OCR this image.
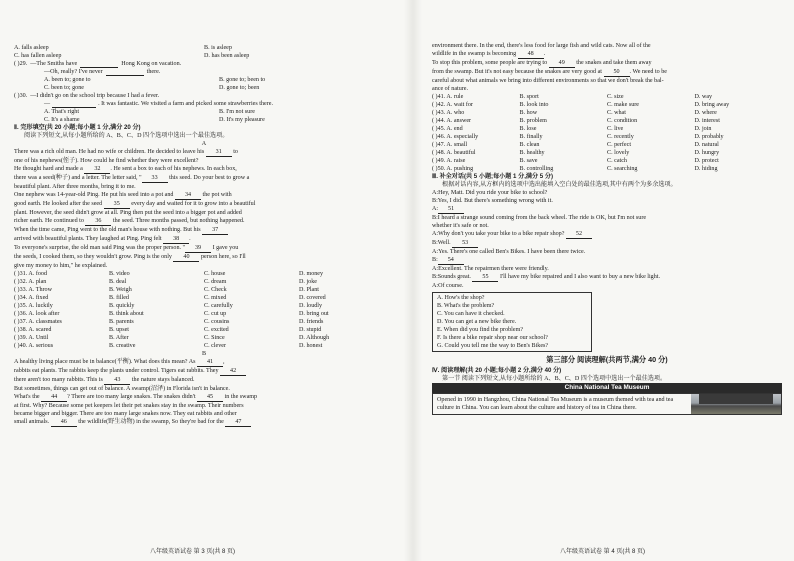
A. falls asleep	B. is asleep
C. has fallen asleep	D. has been asleep
( )29. —The Smiths have	Hong Kong on vacation.
—Oh, really? I've never	there.
A. been to; gone to	B. gone to; been to
C. been to; gone	D. gone to; been
( )30. —I didn't go on the school trip because I had a fever.
—	. It was fantastic. We visited a farm and picked some strawberries there.
A. That's right	B. I'm not sure
C. It's a shame	D. It's my pleasure
Ⅱ. 完形填空(共 20 小题;每小题 1 分,满分 20 分)
阅读下列短文,从每小题所给的 A、B、C、D 四个选项中选出一个最佳选项。
A
There was a rich old man. He had no wife or children. He decided to leave his 31 to
one of his nephews(侄子). How could he find whether they were excellent?
He thought hard and made a 32 . He sent a box to each of his nephews. In each box,
there was a seed(种子) and a letter. The letter said, " 33 this seed. Do your best to grow a
beautiful plant. After three months, bring it to me.
One nephew was 14-year-old Ping. He put his seed into a pot and 34 the pot with
good earth. He looked after the seed 35 every day and waited for it to grow into a beautiful
plant. However, the seed didn't grow at all. Ping then put the seed into a bigger pot and added
richer earth. He continued to 36 the seed. Three months passed, but nothing happened.
When the time came, Ping went to the old man's house with nothing. But his 37
arrived with beautiful plants. They laughed at Ping. Ping felt 38 .
To everyone's surprise, the old man said Ping was the proper person. " 39 I gave you
the seeds, I cooked them, so they wouldn't grow. Ping is the only 40 person here, so I'll
give my money to him," he explained.
( )31. A. food	B. video	C. house	D. money
( )32. A. plan	B. deal	C. dream	D. joke
( )33. A. Throw	B. Weigh	C. Check	D. Plant
( )34. A. fixed	B. filled	C. mixed	D. covered
( )35. A. luckily	B. quickly	C. carefully	D. loudly
( )36. A. look after	B. think about	C. cut up	D. bring out
( )37. A. classmates	B. parents	C. cousins	D. friends
( )38. A. scared	B. upset	C. excited	D. stupid
( )39. A. Until	B. After	C. Since	D. Although
( )40. A. serious	B. creative	C. clever	D. honest
B
A healthy living place must be in balance(平衡). What does this mean? As 41 ,
rabbits eat plants. The rabbits keep the plants under control. Tigers eat rabbits. They 42
there aren't too many rabbits. This is 43 the nature stays balanced.
But sometimes, things can get out of balance. A swamp(沼泽) in Florida isn't in balance.
What's the 44 ? There are too many large snakes. The snakes didn't 45 in the swamp
at first. Why? Because some pet keepers let their pet snakes stay in the swamp. Their numbers
became bigger and bigger. There are too many large snakes now. They eat rabbits and other
small animals. 46 the wildlife(野生动物) in the swamp, So they're bad for the 47
八年级英语试卷 第 3 页(共 8 页)
environment there. In the end, there's less food for large fish and wild cats. Now all of the
wildlife in the swamp is becoming 48 .
To stop this problem, some people are trying to 49 the snakes and take them away
from the swamp. But it's not easy because the snakes are very good at 50 . We need to be
careful about what animals we bring into different environments so that we don't break the bal-
ance of nature.
( )41. A. rule	B. sport	C. size	D. way
( )42. A. wait for	B. look into	C. make sure	D. bring away
( )43. A. who	B. how	C. what	D. where
( )44. A. answer	B. problem	C. condition	D. interest
( )45. A. end	B. lose	C. live	D. join
( )46. A. especially	B. finally	C. recently	D. probably
( )47. A. small	B. clean	C. perfect	D. natural
( )48. A. beautiful	B. healthy	C. lovely	D. hungry
( )49. A. raise	B. save	C. catch	D. protect
( )50. A. pushing	B. controlling	C. searching	D. hiding
Ⅲ. 补全对话(共 5 小题;每小题 1 分,满分 5 分)
根据对话内容,从方框内的选项中选出能填入空白处的最佳选项,其中有两个为多余选项。
A:Hey, Matt. Did you ride your bike to school?
B:Yes, I did. But there's something wrong with it.
A: 51
B:I heard a strange sound coming from the back wheel. The ride is OK, but I'm not sure
whether it's safe or not.
A:Why don't you take your bike to a bike repair shop? 52
B:Well. 53
A:Yes. There's one called Ben's Bikes. I have been there twice.
B: 54
A:Excellent. The repairmen there were friendly.
B:Sounds great. 55 I'll have my bike repaired and I also want to buy a new bike light.
A:Of course.
A. How's the shop?
B. What's the problem?
C. You can have it checked.
D. You can get a new bike there.
E. When did you find the problem?
F. Is there a bike repair shop near our school?
G. Could you tell me the way to Ben's Bikes?
第三部分 阅读理解(共两节,满分 40 分)
Ⅳ. 阅读理解(共 20 小题;每小题 2 分,满分 40 分)
第一节 阅读下列短文,从每小题所给的 A、B、C、D 四个选项中选出一个最佳选项。
China National Tea Museum
Opened in 1990 in Hangzhou, China National Tea Museum is a museum themed with tea and tea culture in China. You can learn about the culture and history of tea in China there.
八年级英语试卷 第 4 页(共 8 页)
